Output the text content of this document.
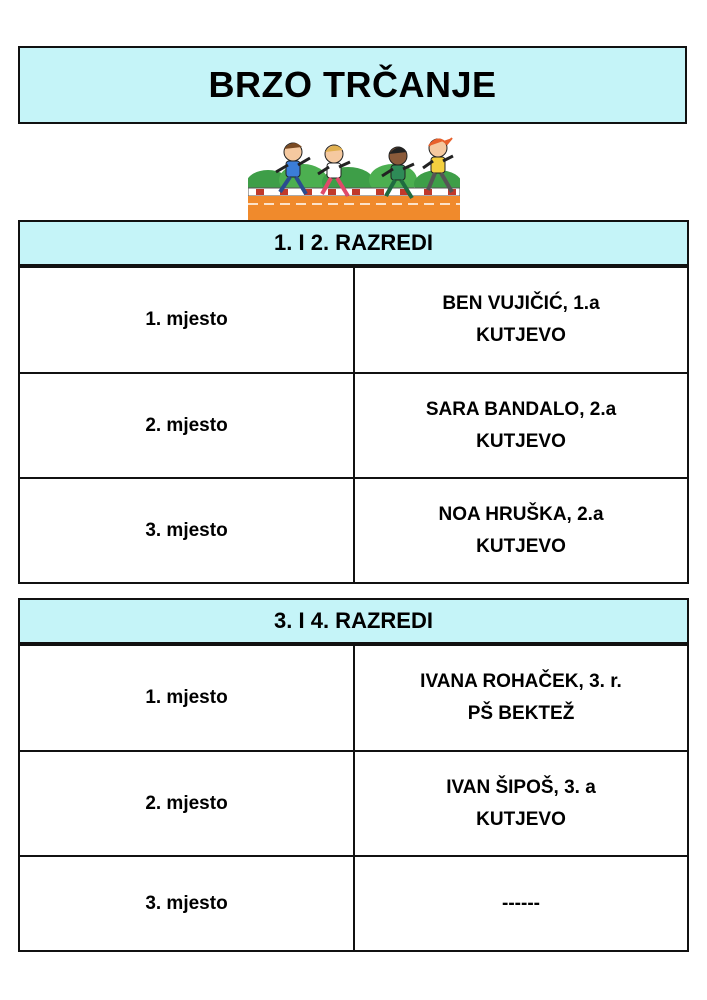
BRZO TRČANJE
1. I 2. RAZREDI
1. mjesto	BEN VUJIČIĆ, 1.a
KUTJEVO

2. mjesto	SARA BANDALO, 2.a
KUTJEVO

3. mjesto	NOA HRUŠKA, 2.a
KUTJEVO
3. I 4. RAZREDI
1. mjesto	IVANA ROHAČEK, 3. r.
PŠ BEKTEŽ

2. mjesto	IVAN ŠIPOŠ, 3. a
KUTJEVO

3. mjesto	------
